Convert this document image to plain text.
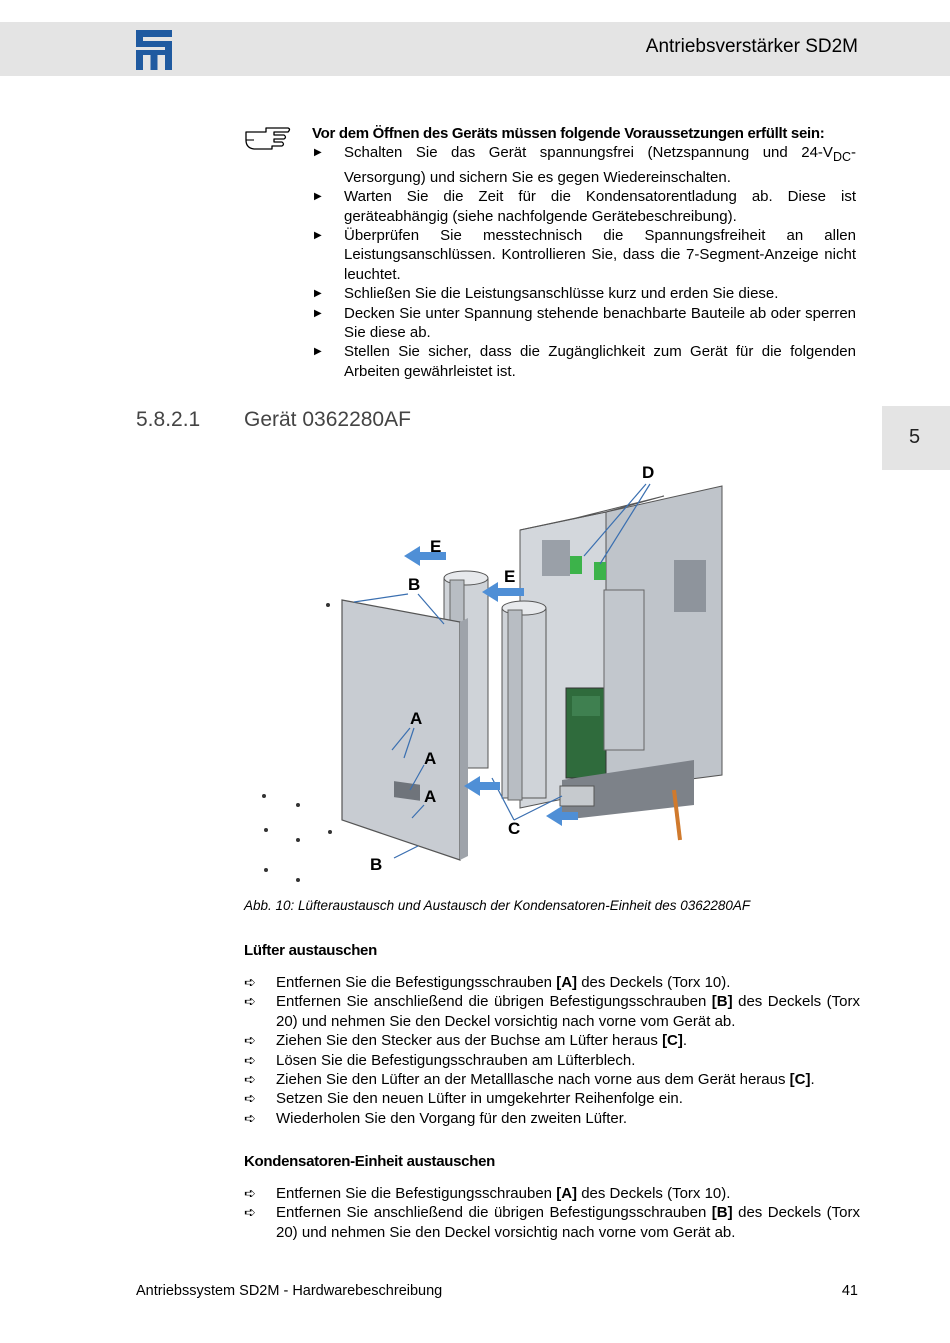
Antriebsverstärker SD2M
5

Vor dem Öffnen des Geräts müssen folgende Voraussetzungen erfüllt sein:

▶ Schalten Sie das Gerät spannungsfrei (Netzspannung und $24-V_{DC}-Versorgung$) und sichern Sie es gegen Wiedereinschalten.
▶ Warten Sie die Zeit für die Kondensatorentladung ab. Diese ist geräteabhängig (siehe nachfolgende Gerätebeschreibung).
▶ Überprüfen Sie messtechnisch die Spannungsfreiheit an allen Leistungsanschlüssen. Kontrollieren Sie, dass die 7-Segment-Anzeige nicht leuchtet.
▶ Schließen Sie die Leistungsanschlüsse kurz und erden Sie diese.
▶ Decken Sie unter Spannung stehende benachbarte Bauteile ab oder sperren Sie diese ab.
▶ Stellen Sie sicher, dass die Zugänglichkeit zum Gerät für die folgenden Arbeiten gewährleistet ist.
5.8.2.1 Gerät 0362280AF
D
E
E
B
A
A
A
C
B
Abb. 10: Lüfteraustausch und Austausch der Kondensatoren-Einheit des 0362280AF
Lüfter austauschen
➪ Entfernen Sie die Befestigungsschrauben [A] des Deckels (Torx 10).
➪ Entfernen Sie anschließend die übrigen Befestigungsschrauben [B] des Deckels (Torx 20) und nehmen Sie den Deckel vorsichtig nach vorne vom Gerät ab.
➪ Ziehen Sie den Stecker aus der Buchse am Lüfter heraus [C].
➪ Lösen Sie die Befestigungsschrauben am Lüfterblech.
➪ Ziehen Sie den Lüfter an der Metalllasche nach vorne aus dem Gerät heraus [C].
➪ Setzen Sie den neuen Lüfter in umgekehrter Reihenfolge ein.
➪ Wiederholen Sie den Vorgang für den zweiten Lüfter.
Kondensatoren-Einheit austauschen
➪ Entfernen Sie die Befestigungsschrauben [A] des Deckels (Torx 10).
➪ Entfernen Sie anschließend die übrigen Befestigungsschrauben [B] des Deckels (Torx 20) und nehmen Sie den Deckel vorsichtig nach vorne vom Gerät ab.
Antriebssystem SD2M - Hardwarebeschreibung	41
